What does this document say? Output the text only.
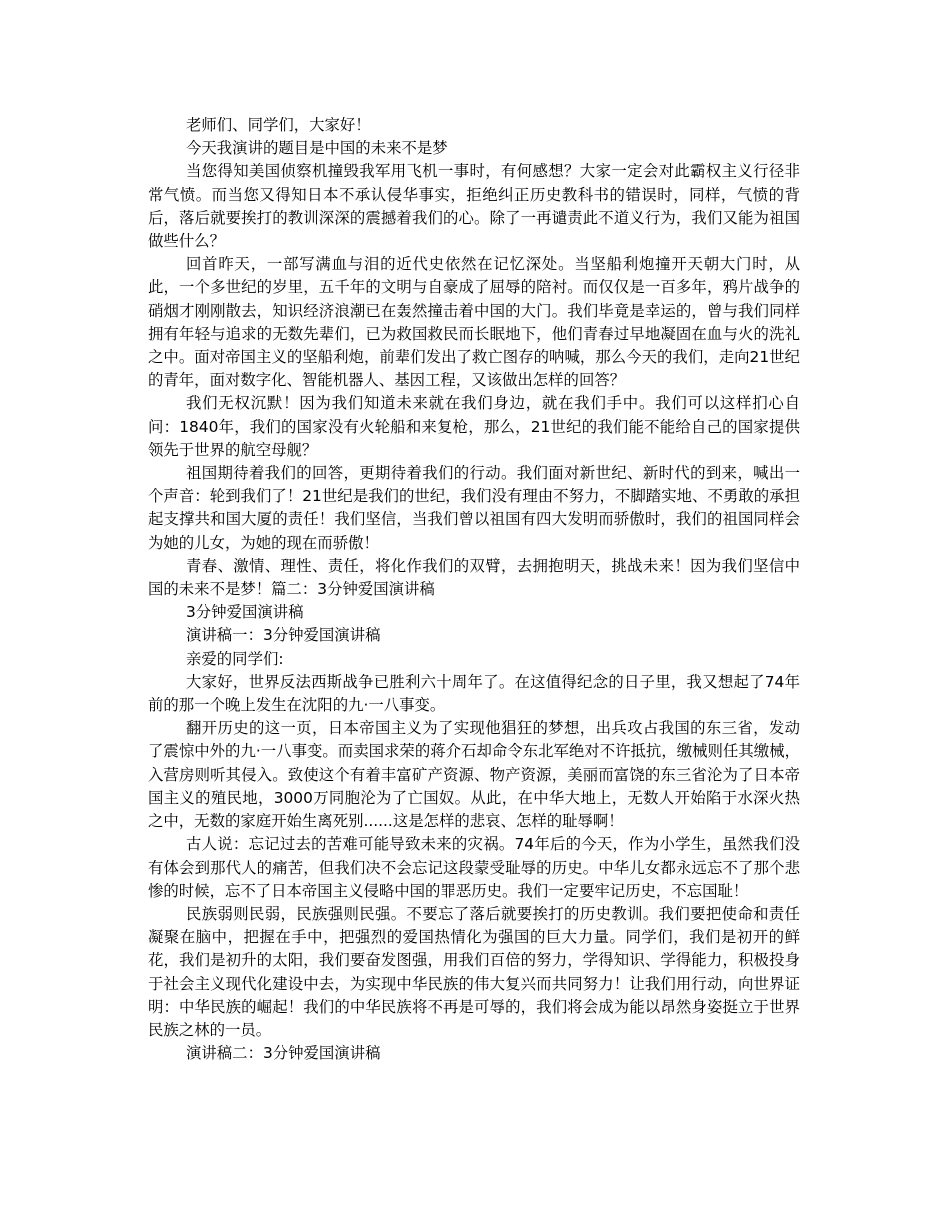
老师们、同学们，大家好！

今天我演讲的题目是中国的未来不是梦

当您得知美国侦察机撞毁我军用飞机一事时，有何感想？大家一定会对此霸权主义行径非常气愤。而当您又得知日本不承认侵华事实，拒绝纠正历史教科书的错误时，同样，气愤的背后，落后就要挨打的教训深深的震撼着我们的心。除了一再谴责此不道义行为，我们又能为祖国做些什么？

回首昨天，一部写满血与泪的近代史依然在记忆深处。当坚船利炮撞开天朝大门时，从此，一个多世纪的岁里，五千年的文明与自豪成了屈辱的陪衬。而仅仅是一百多年，鸦片战争的硝烟才刚刚散去，知识经济浪潮已在轰然撞击着中国的大门。我们毕竟是幸运的，曾与我们同样拥有年轻与追求的无数先辈们，已为救国救民而长眠地下，他们青春过早地凝固在血与火的洗礼之中。面对帝国主义的坚船利炮，前辈们发出了救亡图存的呐喊，那么今天的我们，走向21世纪的青年，面对数字化、智能机器人、基因工程，又该做出怎样的回答？

我们无权沉默！因为我们知道未来就在我们身边，就在我们手中。我们可以这样扪心自问：1840年，我们的国家没有火轮船和来复枪，那么，21世纪的我们能不能给自己的国家提供领先于世界的航空母舰？

祖国期待着我们的回答，更期待着我们的行动。我们面对新世纪、新时代的到来，喊出一个声音：轮到我们了！21世纪是我们的世纪，我们没有理由不努力，不脚踏实地、不勇敢的承担起支撑共和国大厦的责任！我们坚信，当我们曾以祖国有四大发明而骄傲时，我们的祖国同样会为她的儿女，为她的现在而骄傲！

青春、激情、理性、责任，将化作我们的双臂，去拥抱明天，挑战未来！因为我们坚信中国的未来不是梦！篇二：3分钟爱国演讲稿

3分钟爱国演讲稿

演讲稿一：3分钟爱国演讲稿

亲爱的同学们:

大家好，世界反法西斯战争已胜利六十周年了。在这值得纪念的日子里，我又想起了74年前的那一个晚上发生在沈阳的九·一八事变。

翻开历史的这一页，日本帝国主义为了实现他猖狂的梦想，出兵攻占我国的东三省，发动了震惊中外的九·一八事变。而卖国求荣的蒋介石却命令东北军绝对不许抵抗，缴械则任其缴械，入营房则听其侵入。致使这个有着丰富矿产资源、物产资源，美丽而富饶的东三省沦为了日本帝国主义的殖民地，3000万同胞沦为了亡国奴。从此，在中华大地上，无数人开始陷于水深火热之中，无数的家庭开始生离死别......这是怎样的悲哀、怎样的耻辱啊！

古人说：忘记过去的苦难可能导致未来的灾祸。74年后的今天，作为小学生，虽然我们没有体会到那代人的痛苦，但我们决不会忘记这段蒙受耻辱的历史。中华儿女都永远忘不了那个悲惨的时候，忘不了日本帝国主义侵略中国的罪恶历史。我们一定要牢记历史，不忘国耻！

民族弱则民弱，民族强则民强。不要忘了落后就要挨打的历史教训。我们要把使命和责任凝聚在脑中，把握在手中，把强烈的爱国热情化为强国的巨大力量。同学们，我们是初开的鲜花，我们是初升的太阳，我们要奋发图强，用我们百倍的努力，学得知识、学得能力，积极投身于社会主义现代化建设中去，为实现中华民族的伟大复兴而共同努力！让我们用行动，向世界证明：中华民族的崛起！我们的中华民族将不再是可辱的，我们将会成为能以昂然身姿挺立于世界民族之林的一员。

演讲稿二：3分钟爱国演讲稿
